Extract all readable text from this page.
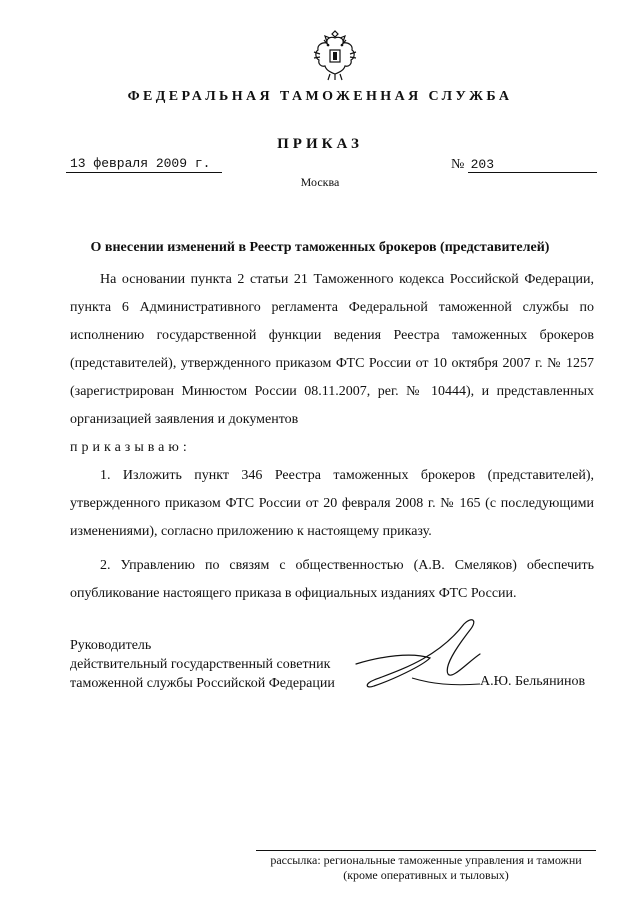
ФЕДЕРАЛЬНАЯ ТАМОЖЕННАЯ СЛУЖБА
ПРИКАЗ
13 февраля 2009 г.	№ 203
Москва
О внесении изменений в Реестр таможенных брокеров (представителей)

На основании пункта 2 статьи 21 Таможенного кодекса Российской Федерации, пункта 6 Административного регламента Федеральной таможенной службы по исполнению государственной функции ведения Реестра таможенных брокеров (представителей), утвержденного приказом ФТС России от 10 октября 2007 г. № 1257 (зарегистрирован Минюстом России 08.11.2007, рег. № 10444), и представленных организацией заявления и документов

приказываю:

1. Изложить пункт 346 Реестра таможенных брокеров (представителей), утвержденного приказом ФТС России от 20 февраля 2008 г. № 165 (с последующими изменениями), согласно приложению к настоящему приказу.

2. Управлению по связям с общественностью (А.В. Смеляков) обеспечить опубликование настоящего приказа в официальных изданиях ФТС России.

Руководитель
действительный государственный советник
таможенной службы Российской Федерации	А.Ю. Бельянинов
рассылка: региональные таможенные управления и таможни
(кроме оперативных и тыловых)
